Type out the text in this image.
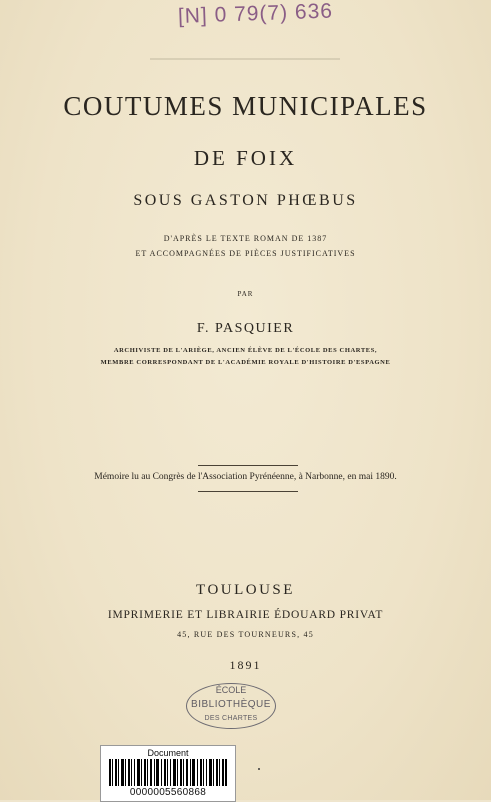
[N] 0 79(7) 636
COUTUMES MUNICIPALES
DE FOIX
SOUS GASTON PHŒBUS
D'APRÈS LE TEXTE ROMAN DE 1387
ET ACCOMPAGNÉES DE PIÈCES JUSTIFICATIVES
PAR
F. PASQUIER
ARCHIVISTE DE L'ARIÈGE, ANCIEN ÉLÈVE DE L'ÉCOLE DES CHARTES,
MEMBRE CORRESPONDANT DE L'ACADÉMIE ROYALE D'HISTOIRE D'ESPAGNE
Mémoire lu au Congrès de l'Association Pyrénéenne, à Narbonne, en mai 1890.
TOULOUSE
IMPRIMERIE ET LIBRAIRIE ÉDOUARD PRIVAT
45, RUE DES TOURNEURS, 45
1891
ÉCOLE
BIBLIOTHÈQUE
DES CHARTES
Document
0000005560868
